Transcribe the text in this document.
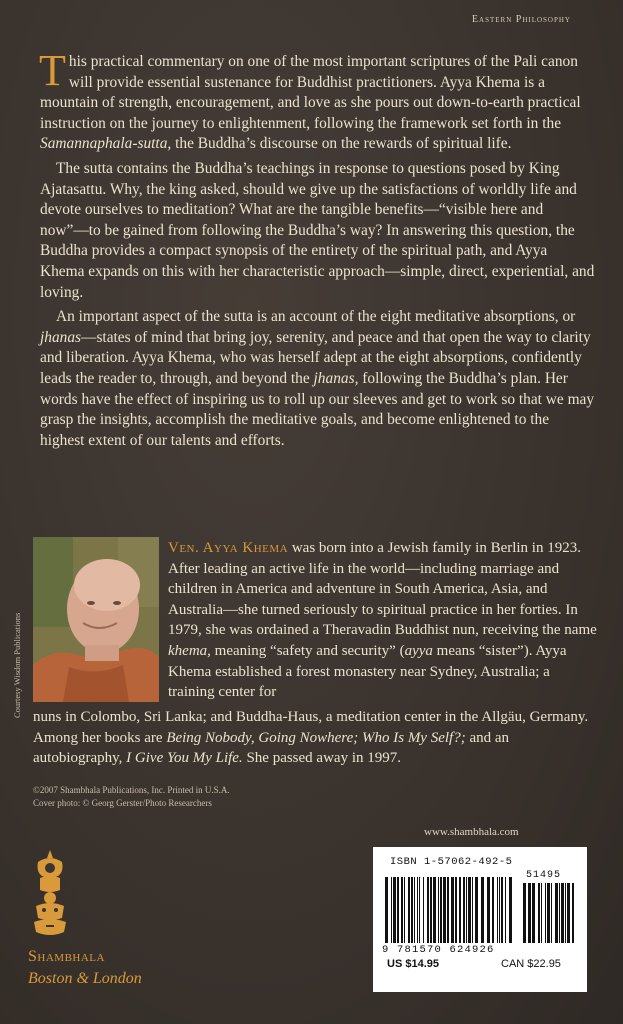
Eastern Philosophy

This practical commentary on one of the most important scriptures of the Pali canon will provide essential sustenance for Buddhist practitioners. Ayya Khema is a mountain of strength, encouragement, and love as she pours out down-to-earth practical instruction on the journey to enlightenment, following the framework set forth in the Samannaphala-sutta, the Buddha’s discourse on the rewards of spiritual life.

The sutta contains the Buddha’s teachings in response to questions posed by King Ajatasattu. Why, the king asked, should we give up the satisfactions of worldly life and devote ourselves to meditation? What are the tangible benefits—“visible here and now”—to be gained from following the Buddha’s way? In answering this question, the Buddha provides a compact synopsis of the entirety of the spiritual path, and Ayya Khema expands on this with her characteristic approach—simple, direct, experiential, and loving.

An important aspect of the sutta is an account of the eight meditative absorptions, or jhanas—states of mind that bring joy, serenity, and peace and that open the way to clarity and liberation. Ayya Khema, who was herself adept at the eight absorptions, confidently leads the reader to, through, and beyond the jhanas, following the Buddha’s plan. Her words have the effect of inspiring us to roll up our sleeves and get to work so that we may grasp the insights, accomplish the meditative goals, and become enlightened to the highest extent of our talents and efforts.

Courtesy Wisdom Publications
Ven. Ayya Khema was born into a Jewish family in Berlin in 1923. After leading an active life in the world—including marriage and children in America and adventure in South America, Asia, and Australia—she turned seriously to spiritual practice in her forties. In 1979, she was ordained a Theravadin Buddhist nun, receiving the name khema, meaning “safety and security” (ayya means “sister”). Ayya Khema established a forest monastery near Sydney, Australia; a training center for
nuns in Colombo, Sri Lanka; and Buddha-Haus, a meditation center in the Allgäu, Germany. Among her books are Being Nobody, Going Nowhere; Who Is My Self?; and an autobiography, I Give You My Life. She passed away in 1997.
©2007 Shambhala Publications, Inc. Printed in U.S.A.
Cover photo: © Georg Gerster/Photo Researchers
www.shambhala.com
Shambhala
Boston & London
ISBN 1-57062-492-5
51495
9 781570 624926
US $14.95	CAN $22.95
